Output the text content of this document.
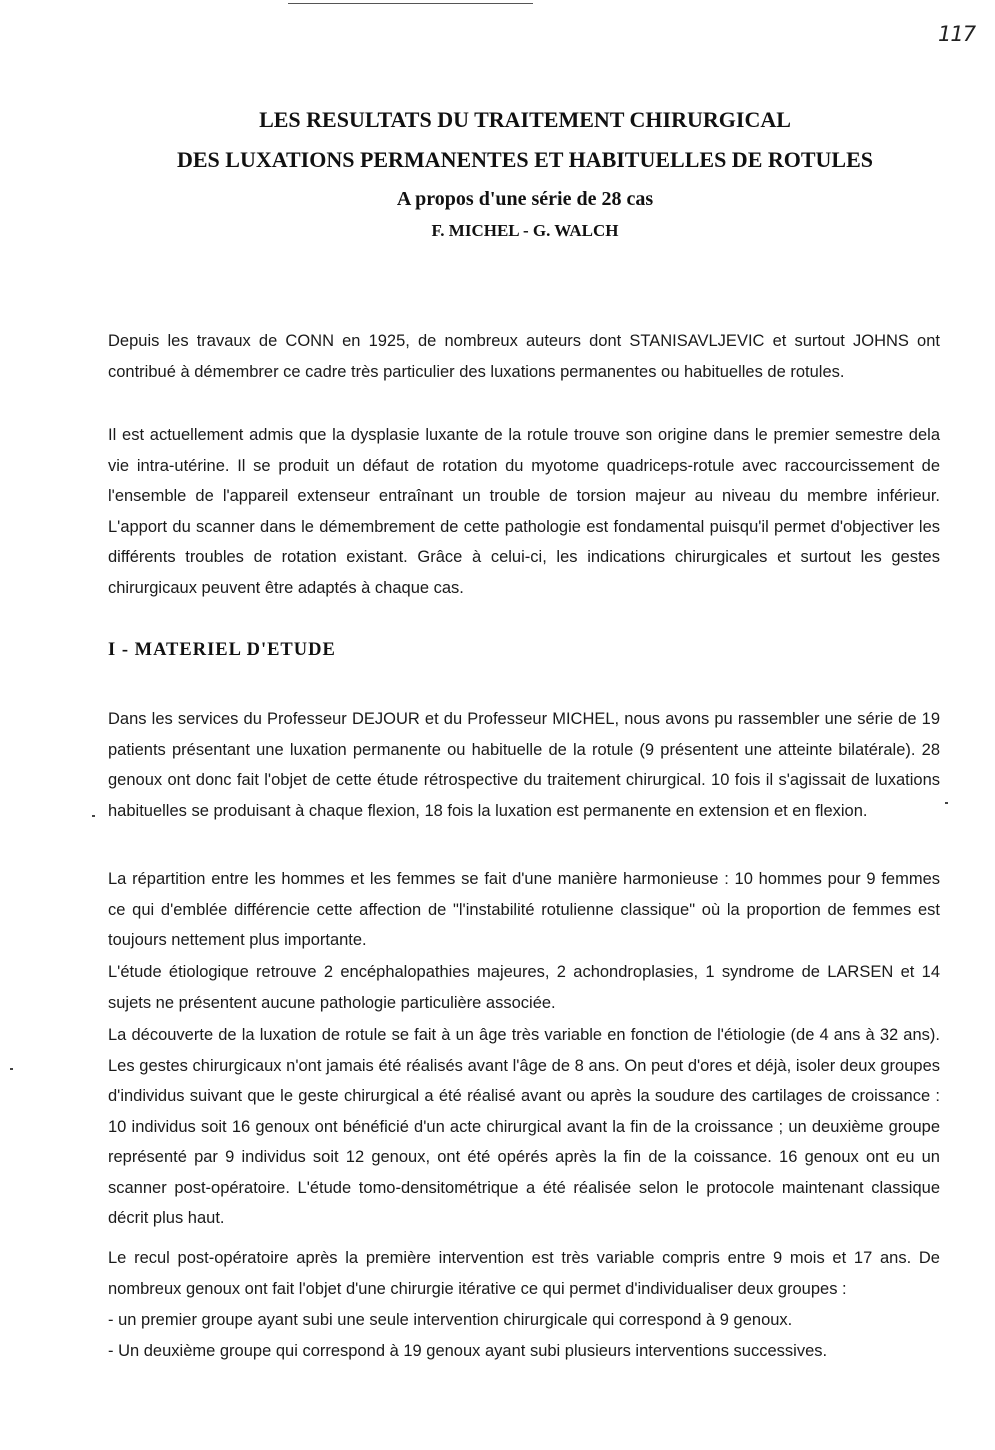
117
LES RESULTATS DU TRAITEMENT CHIRURGICAL
DES LUXATIONS PERMANENTES ET HABITUELLES DE ROTULES
A propos d'une série de 28 cas
F. MICHEL - G. WALCH

Depuis les travaux de CONN en 1925, de nombreux auteurs dont STANISAVLJEVIC et surtout JOHNS ont contribué à démembrer ce cadre très particulier des luxations permanentes ou habituelles de rotules.

Il est actuellement admis que la dysplasie luxante de la rotule trouve son origine dans le premier semestre dela vie intra-utérine. Il se produit un défaut de rotation du myotome quadriceps-rotule avec raccourcissement de l'ensemble de l'appareil extenseur entraînant un trouble de torsion majeur au niveau du membre inférieur. L'apport du scanner dans le démembrement de cette pathologie est fondamental puisqu'il permet d'objectiver les différents troubles de rotation existant. Grâce à celui-ci, les indications chirurgicales et surtout les gestes chirurgicaux peuvent être adaptés à chaque cas.

I - MATERIEL D'ETUDE

Dans les services du Professeur DEJOUR et du Professeur MICHEL, nous avons pu rassembler une série de 19 patients présentant une luxation permanente ou habituelle de la rotule (9 présentent une atteinte bilatérale). 28 genoux ont donc fait l'objet de cette étude rétrospective du traitement chirurgical. 10 fois il s'agissait de luxations habituelles se produisant à chaque flexion, 18 fois la luxation est permanente en extension et en flexion.

La répartition entre les hommes et les femmes se fait d'une manière harmonieuse : 10 hommes pour 9 femmes ce qui d'emblée différencie cette affection de "l'instabilité rotulienne classique" où la proportion de femmes est toujours nettement plus importante.

L'étude étiologique retrouve 2 encéphalopathies majeures, 2 achondroplasies, 1 syndrome de LARSEN et 14 sujets ne présentent aucune pathologie particulière associée.

La découverte de la luxation de rotule se fait à un âge très variable en fonction de l'étiologie (de 4 ans à 32 ans). Les gestes chirurgicaux n'ont jamais été réalisés avant l'âge de 8 ans. On peut d'ores et déjà, isoler deux groupes d'individus suivant que le geste chirurgical a été réalisé avant ou après la soudure des cartilages de croissance : 10 individus soit 16 genoux ont bénéficié d'un acte chirurgical avant la fin de la croissance ; un deuxième groupe représenté par 9 individus soit 12 genoux, ont été opérés après la fin de la coissance. 16 genoux ont eu un scanner post-opératoire. L'étude tomo-densitométrique a été réalisée selon le protocole maintenant classique décrit plus haut.

Le recul post-opératoire après la première intervention est très variable compris entre 9 mois et 17 ans. De nombreux genoux ont fait l'objet d'une chirurgie itérative ce qui permet d'individualiser deux groupes :

- un premier groupe ayant subi une seule intervention chirurgicale qui correspond à 9 genoux.

- Un deuxième groupe qui correspond à 19 genoux ayant subi plusieurs interventions successives.
